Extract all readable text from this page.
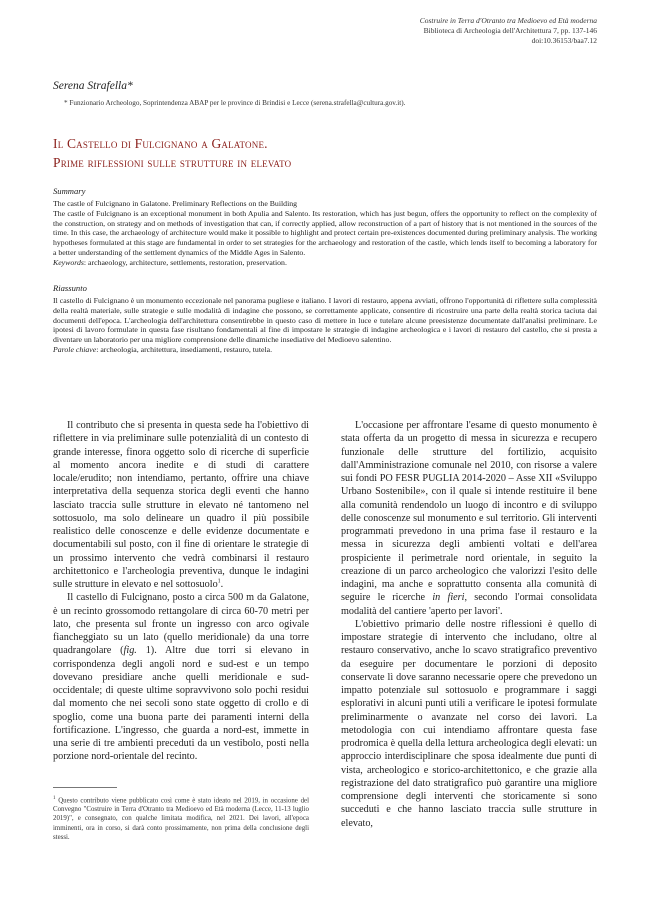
Costruire in Terra d'Otranto tra Medioevo ed Età moderna
Biblioteca di Archeologia dell'Architettura 7, pp. 137-146
doi:10.36153/baa7.12
Serena Strafella*
* Funzionario Archeologo, Soprintendenza ABAP per le province di Brindisi e Lecce (serena.strafella@cultura.gov.it).
Il Castello di Fulcignano a Galatone.
Prime riflessioni sulle strutture in elevato
Summary

The castle of Fulcignano in Galatone. Preliminary Reflections on the Building

The castle of Fulcignano is an exceptional monument in both Apulia and Salento. Its restoration, which has just begun, offers the opportunity to reflect on the complexity of the construction, on strategy and on methods of investigation that can, if correctly applied, allow reconstruction of a part of history that is not mentioned in the sources of the time. In this case, the archaeology of architecture would make it possible to highlight and protect certain pre-existences documented during preliminary analysis. The working hypotheses formulated at this stage are fundamental in order to set strategies for the archaeology and restoration of the castle, which lends itself to becoming a laboratory for a better understanding of the settlement dynamics of the Middle Ages in Salento.

Keywords: archaeology, architecture, settlements, restoration, preservation.

Riassunto

Il castello di Fulcignano è un monumento eccezionale nel panorama pugliese e italiano. I lavori di restauro, appena avviati, offrono l'opportunità di riflettere sulla complessità della realtà materiale, sulle strategie e sulle modalità di indagine che possono, se correttamente applicate, consentire di ricostruire una parte della realtà storica taciuta dai documenti dell'epoca. L'archeologia dell'architettura consentirebbe in questo caso di mettere in luce e tutelare alcune preesistenze documentate dall'analisi preliminare. Le ipotesi di lavoro formulate in questa fase risultano fondamentali al fine di impostare le strategie di indagine archeologica e i lavori di restauro del castello, che si presta a diventare un laboratorio per una migliore comprensione delle dinamiche insediative del Medioevo salentino.

Parole chiave: archeologia, architettura, insediamenti, restauro, tutela.

Il contributo che si presenta in questa sede ha l'obiettivo di riflettere in via preliminare sulle potenzialità di un contesto di grande interesse, finora oggetto solo di ricerche di superficie al momento ancora inedite e di studi di carattere locale/erudito; non intendiamo, pertanto, offrire una chiave interpretativa della sequenza storica degli eventi che hanno lasciato traccia sulle strutture in elevato né tantomeno nel sottosuolo, ma solo delineare un quadro il più possibile realistico delle conoscenze e delle evidenze documentate e documentabili sul posto, con il fine di orientare le strategie di un prossimo intervento che vedrà combinarsi il restauro architettonico e l'archeologia preventiva, dunque le indagini sulle strutture in elevato e nel sottosuolo$^1$.

Il castello di Fulcignano, posto a circa 500 m da Galatone, è un recinto grossomodo rettangolare di circa 60-70 metri per lato, che presenta sul fronte un ingresso con arco ogivale fiancheggiato su un lato (quello meridionale) da una torre quadrangolare (fig. 1). Altre due torri si elevano in corrispondenza degli angoli nord e sud-est e un tempo dovevano presidiare anche quelli meridionale e sud-occidentale; di queste ultime sopravvivono solo pochi residui dal momento che nei secoli sono state oggetto di crollo e di spoglio, come una buona parte dei paramenti interni della fortificazione. L'ingresso, che guarda a nord-est, immette in una serie di tre ambienti preceduti da un vestibolo, posti nella porzione nord-orientale del recinto.

L'occasione per affrontare l'esame di questo monumento è stata offerta da un progetto di messa in sicurezza e recupero funzionale delle strutture del fortilizio, acquisito dall'Amministrazione comunale nel 2010, con risorse a valere sui fondi PO FESR PUGLIA 2014-2020 – Asse XII «Sviluppo Urbano Sostenibile», con il quale si intende restituire il bene alla comunità rendendolo un luogo di incontro e di sviluppo delle conoscenze sul monumento e sul territorio. Gli interventi programmati prevedono in una prima fase il restauro e la messa in sicurezza degli ambienti voltati e dell'area prospiciente il perimetrale nord orientale, in seguito la creazione di un parco archeologico che valorizzi l'esito delle indagini, ma anche e soprattutto consenta alla comunità di seguire le ricerche in fieri, secondo l'ormai consolidata modalità del cantiere 'aperto per lavori'.

L'obiettivo primario delle nostre riflessioni è quello di impostare strategie di intervento che includano, oltre al restauro conservativo, anche lo scavo stratigrafico preventivo da eseguire per documentare le porzioni di deposito conservate lì dove saranno necessarie opere che prevedono un impatto potenziale sul sottosuolo e programmare i saggi esplorativi in alcuni punti utili a verificare le ipotesi formulate preliminarmente o avanzate nel corso dei lavori. La metodologia con cui intendiamo affrontare questa fase prodromica è quella della lettura archeologica degli elevati: un approccio interdisciplinare che sposa idealmente due punti di vista, archeologico e storico-architettonico, e che grazie alla registrazione del dato stratigrafico può garantire una migliore comprensione degli interventi che storicamente si sono succeduti e che hanno lasciato traccia sulle strutture in elevato,

$^1$ Questo contributo viene pubblicato così come è stato ideato nel 2019, in occasione del Convegno "Costruire in Terra d'Otranto tra Medioevo ed Età moderna (Lecce, 11-13 luglio 2019)", e consegnato, con qualche limitata modifica, nel 2021. Dei lavori, all'epoca imminenti, ora in corso, si darà conto prossimamente, non prima della conclusione degli stessi.
